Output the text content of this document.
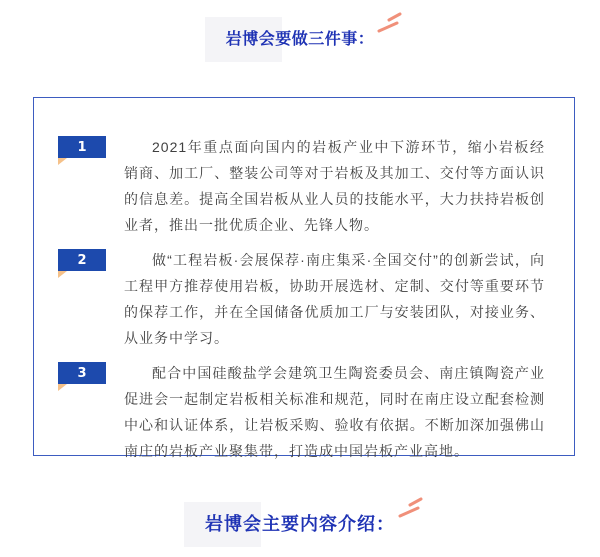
岩博会要做三件事：
1	2021年重点面向国内的岩板产业中下游环节，缩小岩板经销商、加工厂、整装公司等对于岩板及其加工、交付等方面认识的信息差。提高全国岩板从业人员的技能水平，大力扶持岩板创业者，推出一批优质企业、先锋人物。

2	做“工程岩板·会展保荐·南庄集采·全国交付”的创新尝试，向工程甲方推荐使用岩板，协助开展选材、定制、交付等重要环节的保荐工作，并在全国储备优质加工厂与安装团队，对接业务、从业务中学习。

3	配合中国硅酸盐学会建筑卫生陶瓷委员会、南庄镇陶瓷产业促进会一起制定岩板相关标准和规范，同时在南庄设立配套检测中心和认证体系，让岩板采购、验收有依据。不断加深加强佛山南庄的岩板产业聚集带，打造成中国岩板产业高地。

岩博会主要内容介绍：
